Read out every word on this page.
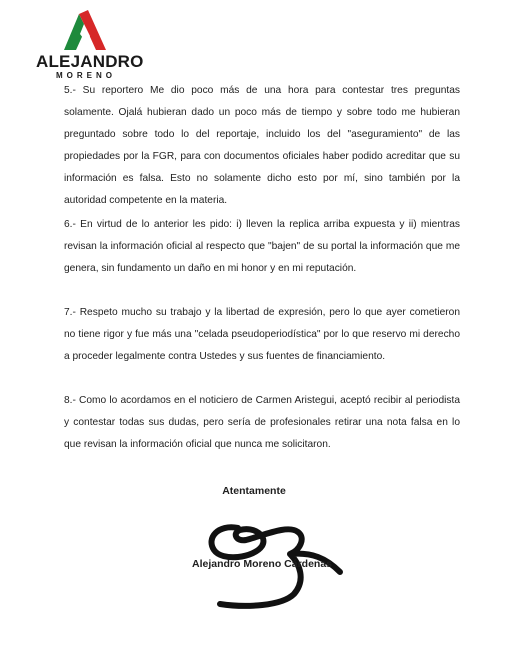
ALEJANDRO
MORENO

5.- Su reportero Me dio poco más de una hora para contestar tres preguntas solamente. Ojalá hubieran dado un poco más de tiempo y sobre todo me hubieran preguntado sobre todo lo del reportaje, incluido los del "aseguramiento" de las propiedades por la FGR, para con documentos oficiales haber podido acreditar que su información es falsa. Esto no solamente dicho esto por mí, sino también por la autoridad competente en la materia.

6.- En virtud de lo anterior les pido: i) lleven la replica arriba expuesta y ii) mientras revisan la información oficial al respecto que "bajen" de su portal la información que me genera, sin fundamento un daño en mi honor y en mi reputación.

7.- Respeto mucho su trabajo y la libertad de expresión, pero lo que ayer cometieron no tiene rigor y fue más una "celada pseudoperiodística" por lo que reservo mi derecho a proceder legalmente contra Ustedes y sus fuentes de financiamiento.

8.- Como lo acordamos en el noticiero de Carmen Aristegui, aceptó recibir al periodista y contestar todas sus dudas, pero sería de profesionales retirar una nota falsa en lo que revisan la información oficial que nunca me solicitaron.

Atentamente
Alejandro Moreno Cárdenas
